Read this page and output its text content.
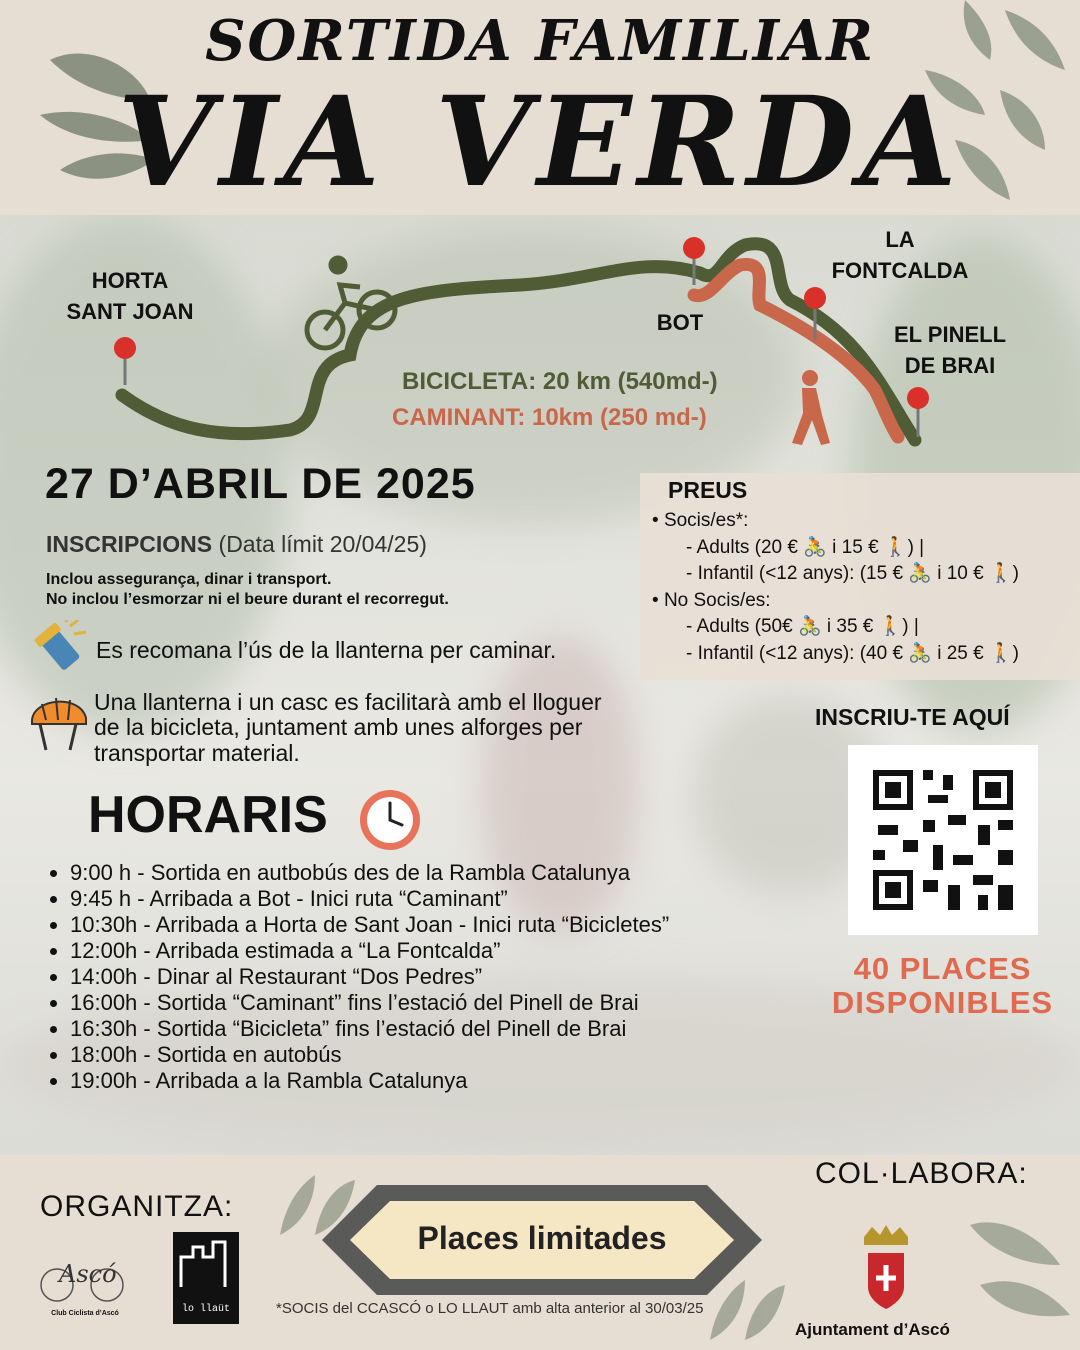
SORTIDA FAMILIAR
VIA VERDA
HORTA
SANT JOAN	BOT
LA
FONTCALDA
EL PINELL
DE BRAI
BICICLETA: 20 km (540md-)
CAMINANT: 10km (250 md-)
27 D’ABRIL DE 2025
INSCRIPCIONS (Data límit 20/04/25)
Inclou assegurança, dinar i transport.
No inclou l’esmorzar ni el beure durant el recorregut.
Es recomana l’ús de la llanterna per caminar.
Una llanterna i un casc es facilitarà amb el lloguer
de la bicicleta, juntament amb unes alforges per
transportar material.
PREUS
• Socis/es*:
- Adults (20 € 🚴 i 15 € 🚶) |
- Infantil (<12 anys): (15 € 🚴 i 10 € 🚶)
• No Socis/es:
- Adults (50€ 🚴 i 35 € 🚶) |
- Infantil (<12 anys): (40 € 🚴 i 25 € 🚶)
INSCRIU-TE AQUÍ
40 PLACES
DISPONIBLES
HORARIS
• 9:00 h - Sortida en autbobús des de la Rambla Catalunya
• 9:45 h - Arribada a Bot - Inici ruta “Caminant”
• 10:30h - Arribada a Horta de Sant Joan - Inici ruta “Bicicletes”
• 12:00h - Arribada estimada a “La Fontcalda”
• 14:00h - Dinar al Restaurant “Dos Pedres”
• 16:00h - Sortida “Caminant” fins l’estació del Pinell de Brai
• 16:30h - Sortida “Bicicleta” fins l’estació del Pinell de Brai
• 18:00h - Sortida en autobús
• 19:00h - Arribada a la Rambla Catalunya
ORGANITZA:
COL·LABORA:
Places limitades
*SOCIS del CCASCÓ o LO LLAUT amb alta anterior al 30/03/25
Ascó
Club Ciclista d’Ascó	lo llaüt
Ajuntament d’Ascó
